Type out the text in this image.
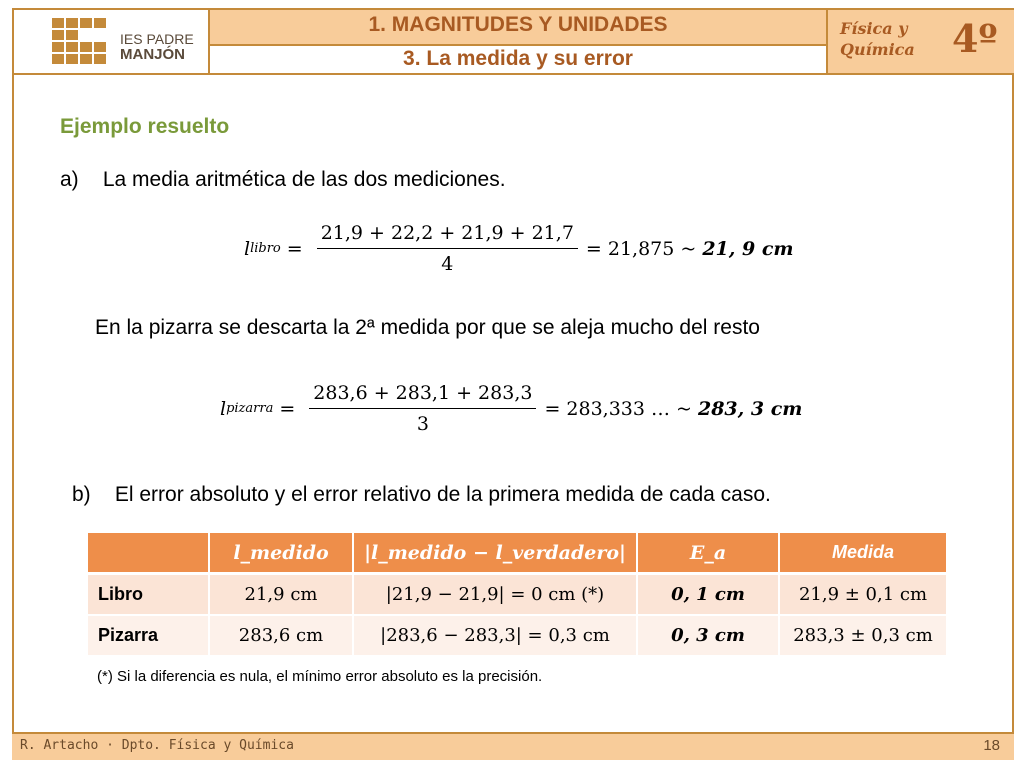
IES PADRE
MANJÓN
1. MAGNITUDES Y UNIDADES
3. La medida y su error
Física y
Química 4º
Ejemplo resuelto
a) La media aritmética de las dos mediciones.
l libro = $\frac{21,9 + 22,2 + 21,9 + 21,7}{4} = 21,875$ ~ 21, 9 cm
En la pizarra se descarta la 2ª medida por que se aleja mucho del resto
l pizarra = $\frac{283,6 + 283,1 + 283,3}{3} = 283,333$ … ~ 283, 3 cm
b) El error absoluto y el error relativo de la primera medida de cada caso.
	l_medido	|l_medido − l_verdadero|	E_a	Medida
Libro	21,9 cm	|21,9 − 21,9| = 0 cm (*)	0, 1 cm	21,9 ± 0,1 cm
Pizarra	283,6 cm	|283,6 − 283,3| = 0,3 cm	0, 3 cm	283,3 ± 0,3 cm
(*) Si la diferencia es nula, el mínimo error absoluto es la precisión.
R. Artacho · Dpto. Física y Química	18
